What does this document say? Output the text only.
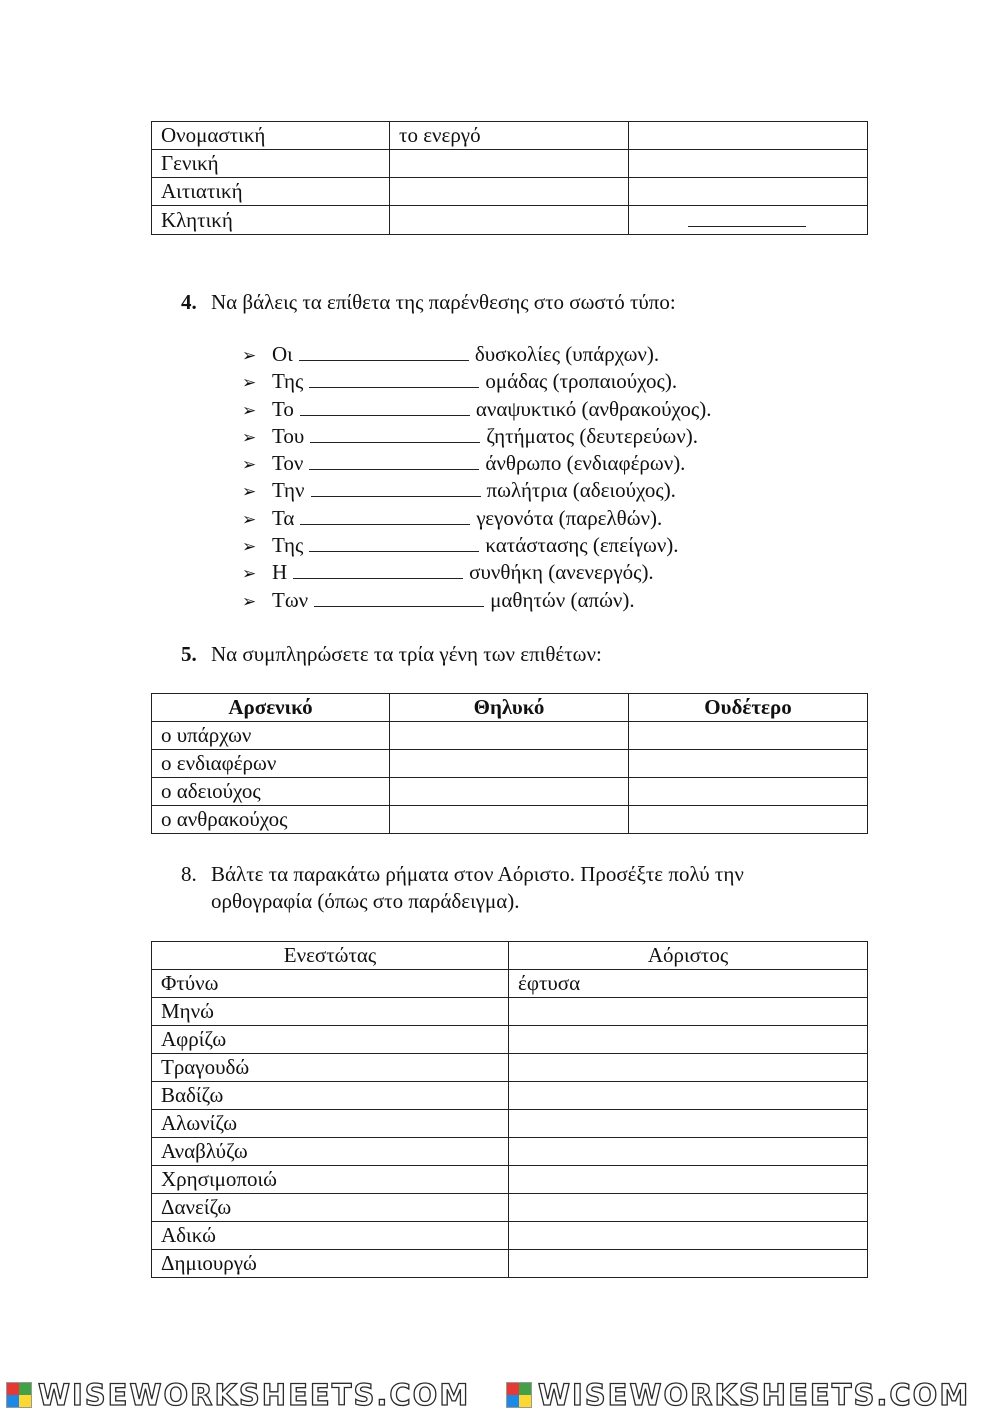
Ονομαστική	το ενεργό	
Γενική		
Αιτιατική		
Κλητική		
4. Να βάλεις τα επίθετα της παρένθεσης στο σωστό τύπο:
➢ Οι	δυσκολίες (υπάρχων).
➢ Της	ομάδας (τροπαιούχος).
➢ Το	αναψυκτικό (ανθρακούχος).
➢ Του	ζητήματος (δευτερεύων).
➢ Τον	άνθρωπο (ενδιαφέρων).
➢ Την	πωλήτρια (αδειούχος).
➢ Τα	γεγονότα (παρελθών).
➢ Της	κατάστασης (επείγων).
➢ Η	συνθήκη (ανενεργός).
➢ Των	μαθητών (απών).
5. Να συμπληρώσετε τα τρία γένη των επιθέτων:
Αρσενικό	Θηλυκό	Ουδέτερο
ο υπάρχων		
ο ενδιαφέρων		
ο αδειούχος		
ο ανθρακούχος		
8. Βάλτε τα παρακάτω ρήματα στον Αόριστο. Προσέξτε πολύ την
ορθογραφία (όπως στο παράδειγμα).
Ενεστώτας	Αόριστος
Φτύνω	έφτυσα
Μηνώ	
Αφρίζω	
Τραγουδώ	
Βαδίζω	
Αλωνίζω	
Αναβλύζω	
Χρησιμοποιώ	
Δανείζω	
Αδικώ	
Δημιουργώ	
WISEWORKSHEETS.COM WISEWORKSHEETS.COM
